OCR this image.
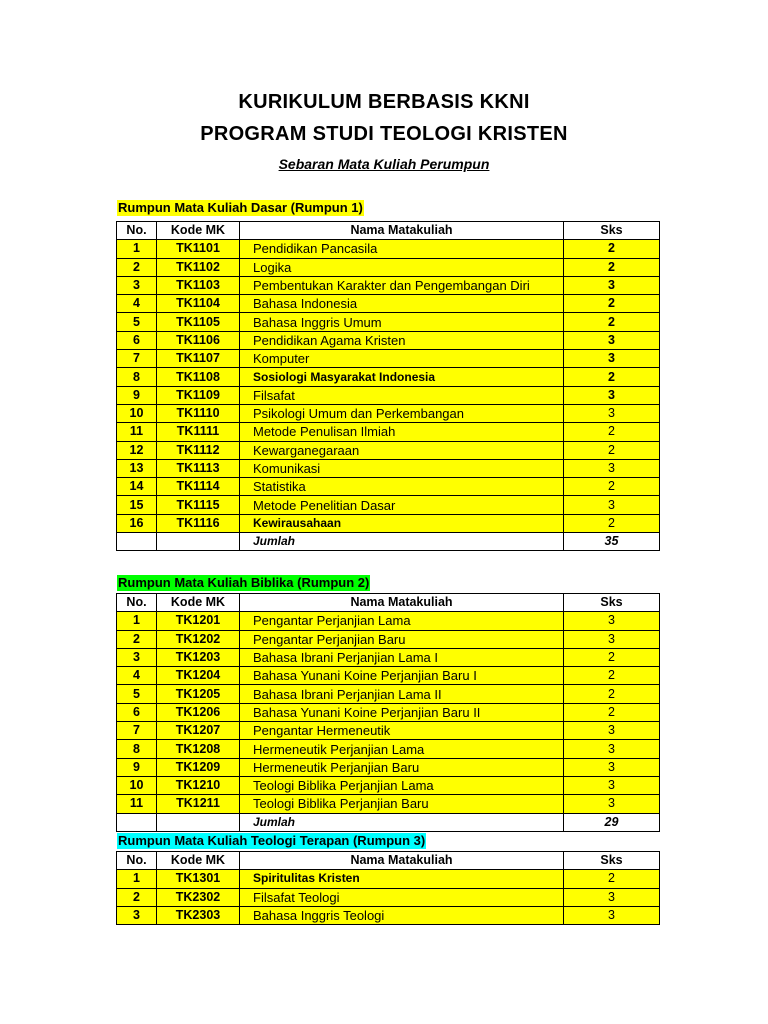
KURIKULUM BERBASIS KKNI
PROGRAM STUDI TEOLOGI KRISTEN
Sebaran Mata Kuliah Perumpun
Rumpun Mata Kuliah Dasar (Rumpun 1)
No.	Kode MK	Nama Matakuliah	Sks
1	TK1101	Pendidikan Pancasila	2
2	TK1102	Logika	2
3	TK1103	Pembentukan Karakter dan Pengembangan Diri	3
4	TK1104	Bahasa Indonesia	2
5	TK1105	Bahasa Inggris Umum	2
6	TK1106	Pendidikan Agama Kristen	3
7	TK1107	Komputer	3
8	TK1108	Sosiologi Masyarakat Indonesia	2
9	TK1109	Filsafat	3
10	TK1110	Psikologi Umum dan Perkembangan	3
11	TK1111	Metode Penulisan Ilmiah	2
12	TK1112	Kewarganegaraan	2
13	TK1113	Komunikasi	3
14	TK1114	Statistika	2
15	TK1115	Metode Penelitian Dasar	3
16	TK1116	Kewirausahaan	2
		Jumlah	35
Rumpun Mata Kuliah Biblika (Rumpun 2)
No.	Kode MK	Nama Matakuliah	Sks
1	TK1201	Pengantar Perjanjian Lama	3
2	TK1202	Pengantar Perjanjian Baru	3
3	TK1203	Bahasa Ibrani Perjanjian Lama I	2
4	TK1204	Bahasa Yunani Koine Perjanjian Baru I	2
5	TK1205	Bahasa Ibrani Perjanjian Lama II	2
6	TK1206	Bahasa Yunani Koine Perjanjian Baru II	2
7	TK1207	Pengantar Hermeneutik	3
8	TK1208	Hermeneutik Perjanjian Lama	3
9	TK1209	Hermeneutik Perjanjian Baru	3
10	TK1210	Teologi Biblika Perjanjian Lama	3
11	TK1211	Teologi Biblika Perjanjian Baru	3
		Jumlah	29
Rumpun Mata Kuliah Teologi Terapan (Rumpun 3)
No.	Kode MK	Nama Matakuliah	Sks
1	TK1301	Spiritulitas Kristen	2
2	TK2302	Filsafat Teologi	3
3	TK2303	Bahasa Inggris Teologi	3
